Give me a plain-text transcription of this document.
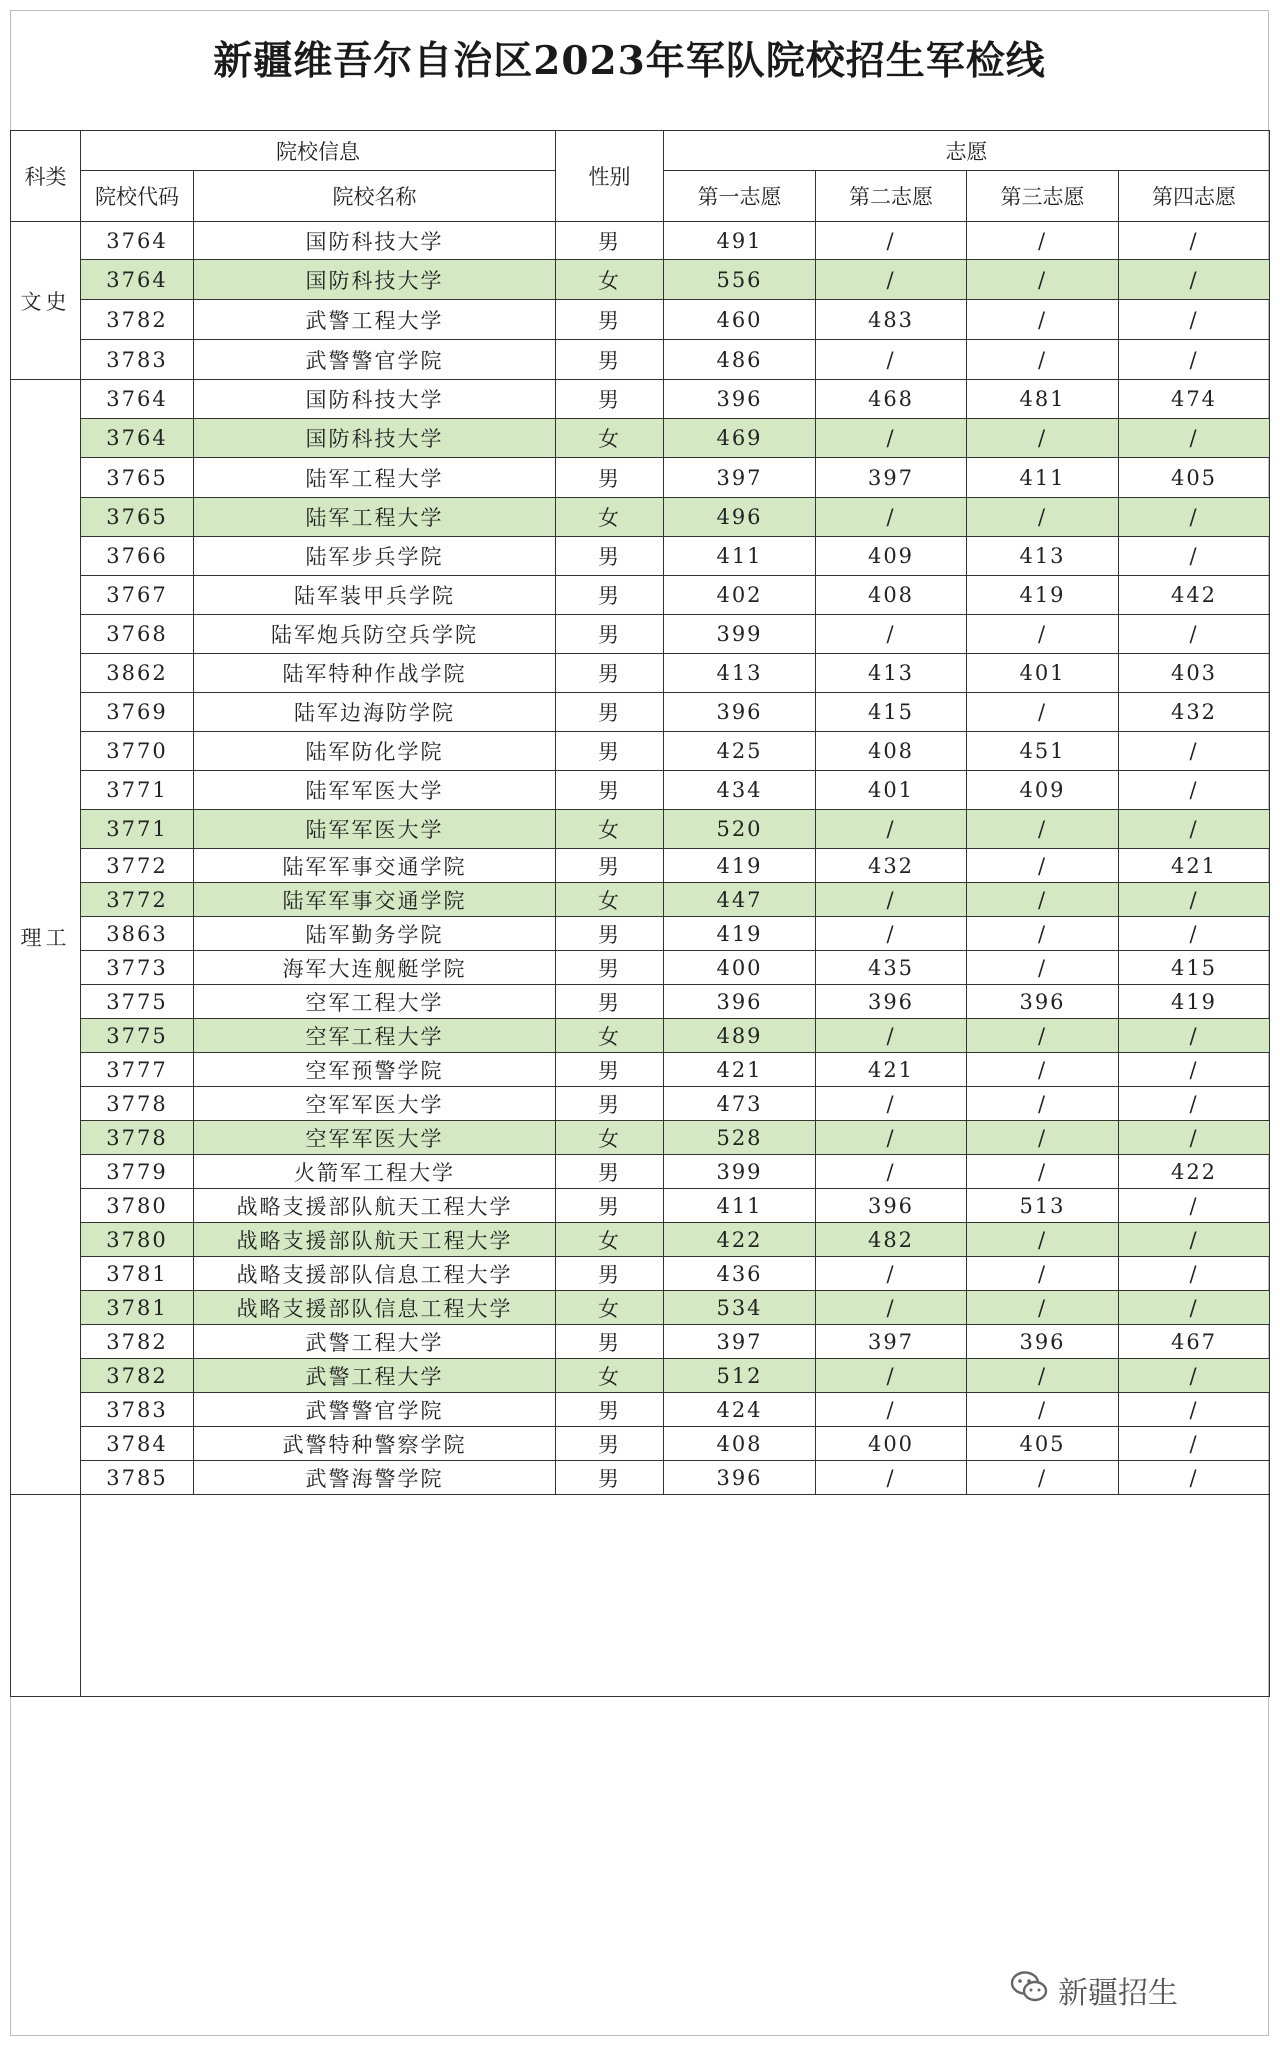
新疆维吾尔自治区2023年军队院校招生军检线
科类	院校信息		性别	志愿			
	院校代码	院校名称		第一志愿	第二志愿	第三志愿	第四志愿
文史	3764	国防科技大学	男	491	/	/	/
	3764	国防科技大学	女	556	/	/	/
	3782	武警工程大学	男	460	483	/	/
	3783	武警警官学院	男	486	/	/	/
理工	3764	国防科技大学	男	396	468	481	474
	3764	国防科技大学	女	469	/	/	/
	3765	陆军工程大学	男	397	397	411	405
	3765	陆军工程大学	女	496	/	/	/
	3766	陆军步兵学院	男	411	409	413	/
	3767	陆军装甲兵学院	男	402	408	419	442
	3768	陆军炮兵防空兵学院	男	399	/	/	/
	3862	陆军特种作战学院	男	413	413	401	403
	3769	陆军边海防学院	男	396	415	/	432
	3770	陆军防化学院	男	425	408	451	/
	3771	陆军军医大学	男	434	401	409	/
	3771	陆军军医大学	女	520	/	/	/
	3772	陆军军事交通学院	男	419	432	/	421
	3772	陆军军事交通学院	女	447	/	/	/
	3863	陆军勤务学院	男	419	/	/	/
	3773	海军大连舰艇学院	男	400	435	/	415
	3775	空军工程大学	男	396	396	396	419
	3775	空军工程大学	女	489	/	/	/
	3777	空军预警学院	男	421	421	/	/
	3778	空军军医大学	男	473	/	/	/
	3778	空军军医大学	女	528	/	/	/
	3779	火箭军工程大学	男	399	/	/	422
	3780	战略支援部队航天工程大学	男	411	396	513	/
	3780	战略支援部队航天工程大学	女	422	482	/	/
	3781	战略支援部队信息工程大学	男	436	/	/	/
	3781	战略支援部队信息工程大学	女	534	/	/	/
	3782	武警工程大学	男	397	397	396	467
	3782	武警工程大学	女	512	/	/	/
	3783	武警警官学院	男	424	/	/	/
	3784	武警特种警察学院	男	408	400	405	/
	3785	武警海警学院	男	396	/	/	/

新疆招生
